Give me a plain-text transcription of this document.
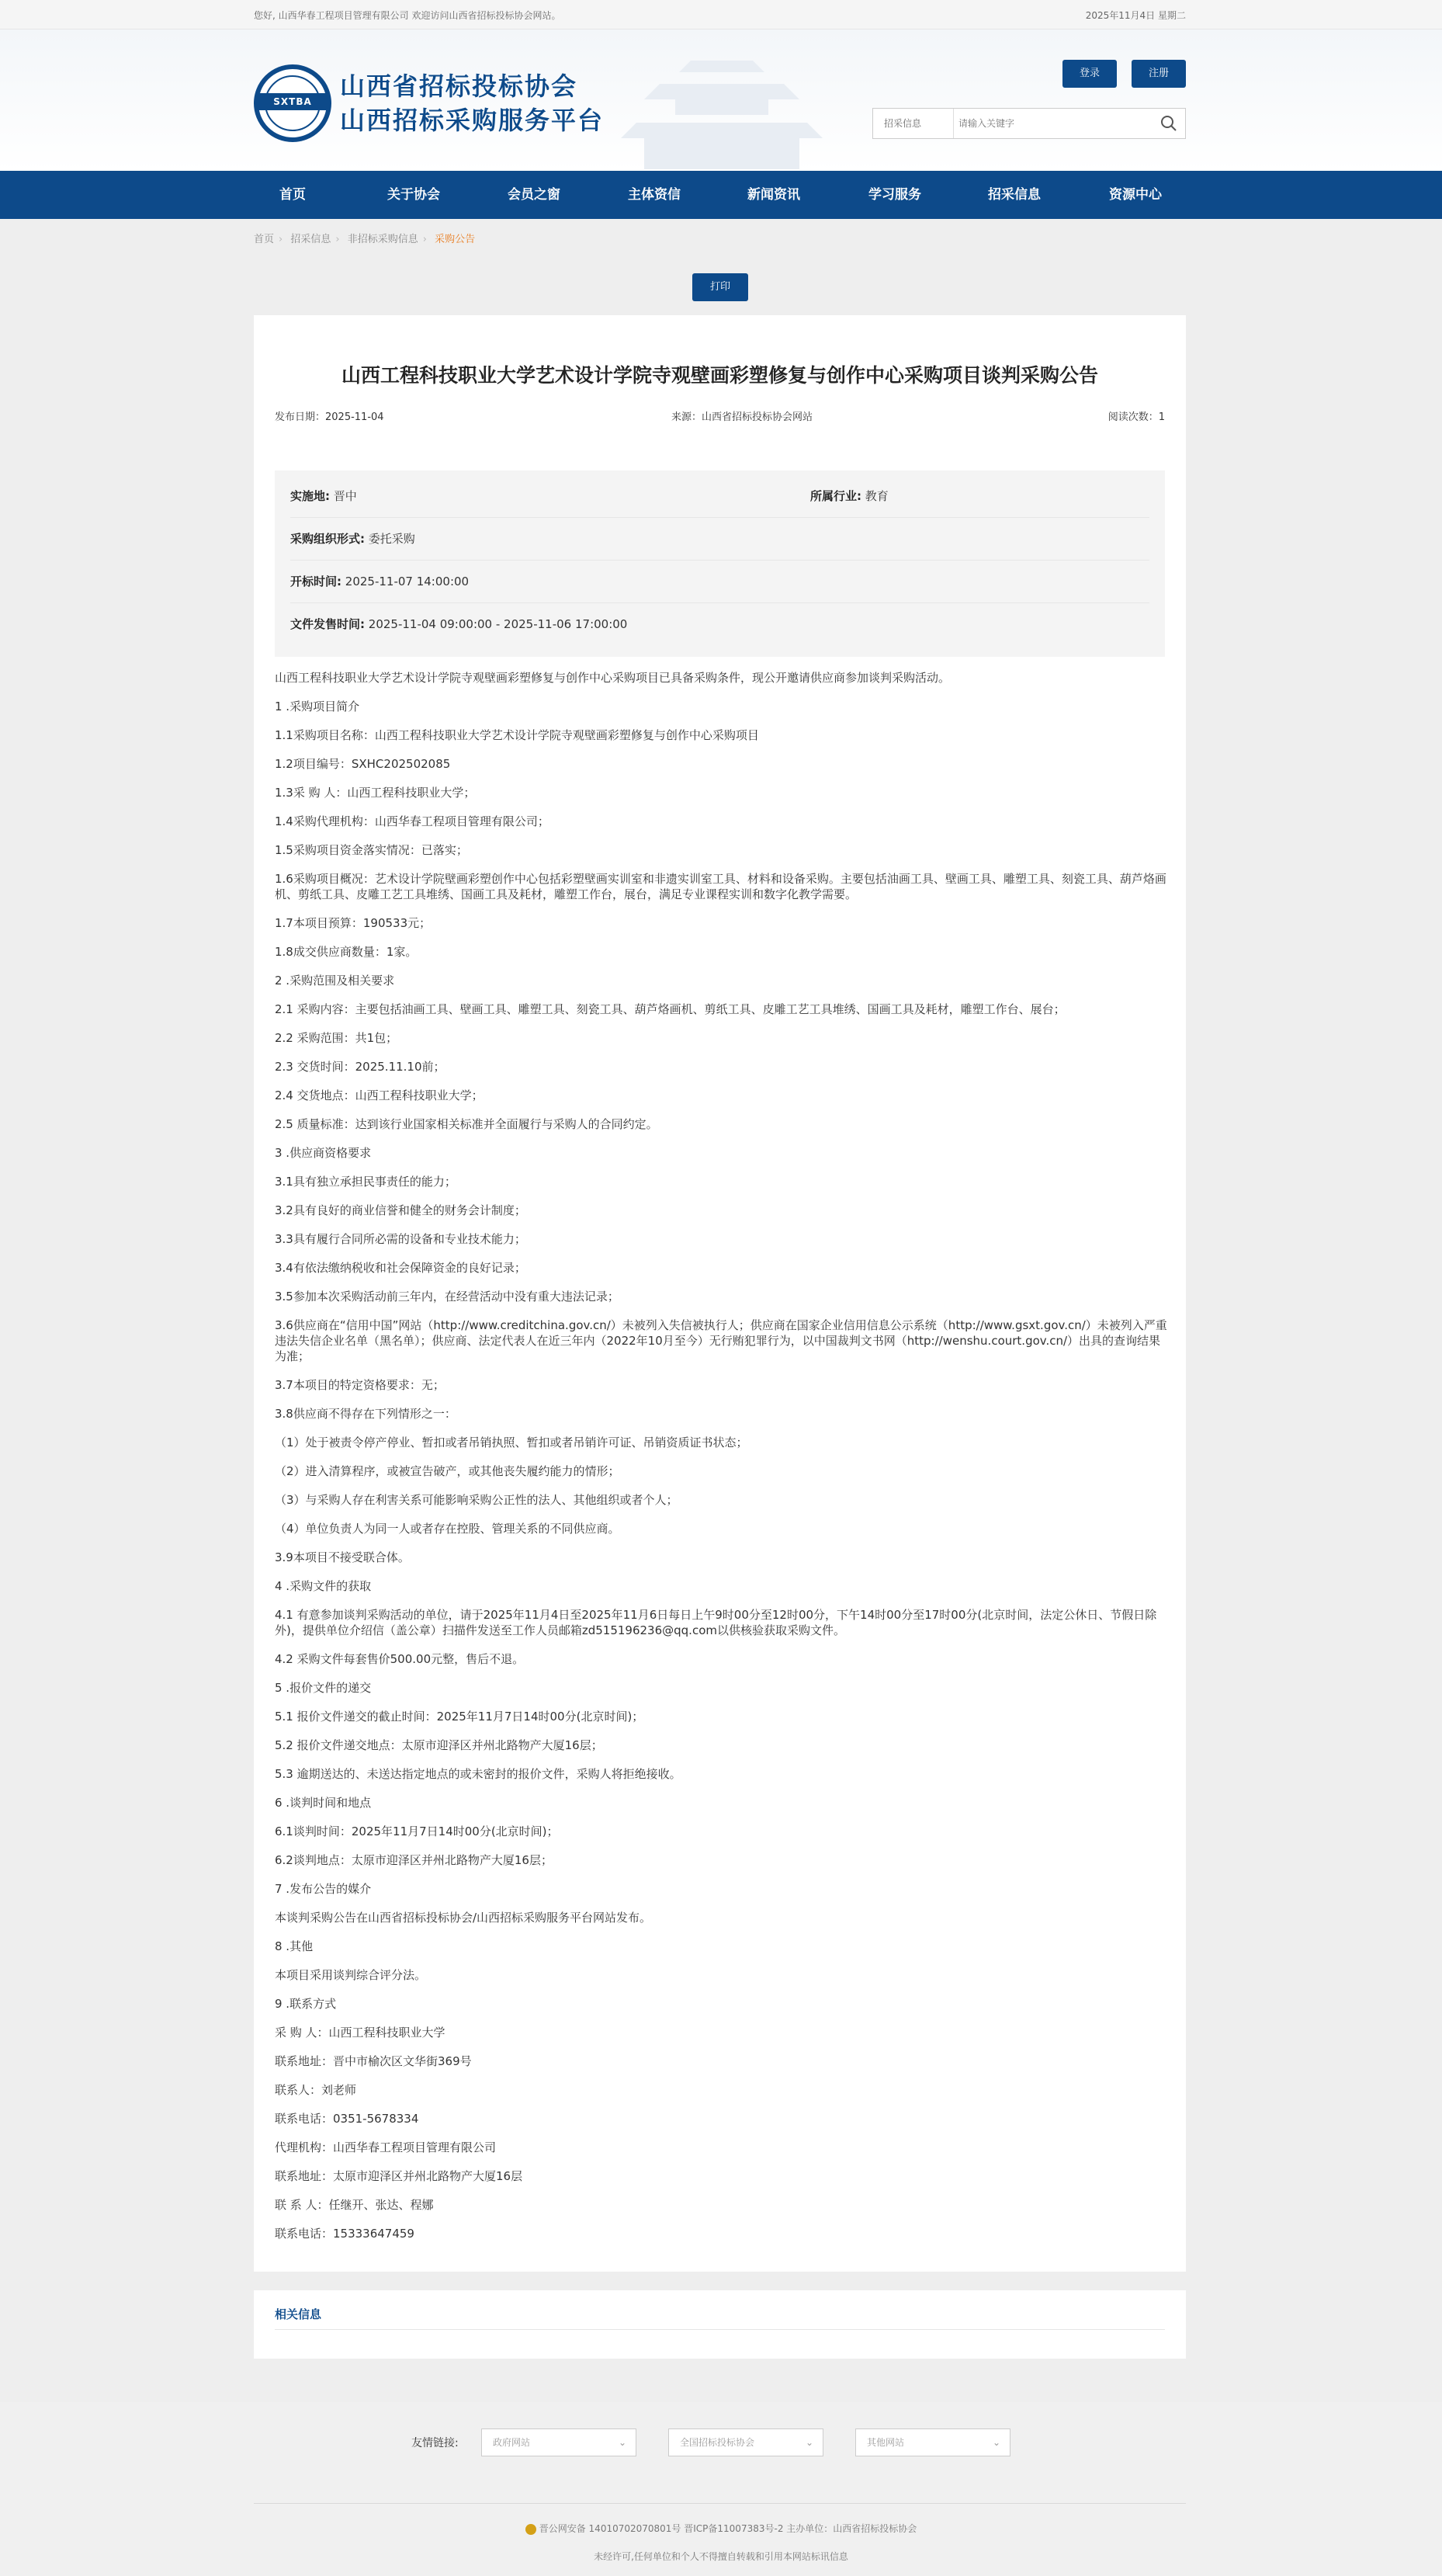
您好, 山西华春工程项目管理有限公司 欢迎访问山西省招标投标协会网站。	2025年11月4日 星期二
SXTBA
山西省招标投标协会
山西招标采购服务平台
登录	注册
招采信息
请输入关键字
首页	关于协会	会员之窗	主体资信	新闻资讯	学习服务	招采信息	资源中心
首页 › 招采信息 › 非招标采购信息 › 采购公告
打印
山西工程科技职业大学艺术设计学院寺观壁画彩塑修复与创作中心采购项目谈判采购公告
发布日期：2025-11-04	来源：山西省招标投标协会网站	阅读次数：1
实施地: 晋中	所属行业: 教育
采购组织形式: 委托采购
开标时间: 2025-11-07 14:00:00
文件发售时间: 2025-11-04 09:00:00 - 2025-11-06 17:00:00

山西工程科技职业大学艺术设计学院寺观壁画彩塑修复与创作中心采购项目已具备采购条件，现公开邀请供应商参加谈判采购活动。

1 .采购项目简介

1.1采购项目名称：山西工程科技职业大学艺术设计学院寺观壁画彩塑修复与创作中心采购项目

1.2项目编号：SXHC202502085

1.3采 购 人：山西工程科技职业大学；

1.4采购代理机构：山西华春工程项目管理有限公司；

1.5采购项目资金落实情况：已落实；

1.6采购项目概况：艺术设计学院壁画彩塑创作中心包括彩塑壁画实训室和非遗实训室工具、材料和设备采购。主要包括油画工具、壁画工具、雕塑工具、刻瓷工具、葫芦烙画机、剪纸工具、皮雕工艺工具堆绣、国画工具及耗材，雕塑工作台，展台，满足专业课程实训和数字化教学需要。

1.7本项目预算：190533元；

1.8成交供应商数量：1家。

2 .采购范围及相关要求

2.1 采购内容：主要包括油画工具、壁画工具、雕塑工具、刻瓷工具、葫芦烙画机、剪纸工具、皮雕工艺工具堆绣、国画工具及耗材，雕塑工作台、展台；

2.2 采购范围：共1包；

2.3 交货时间：2025.11.10前；

2.4 交货地点：山西工程科技职业大学；

2.5 质量标准：达到该行业国家相关标准并全面履行与采购人的合同约定。

3 .供应商资格要求

3.1具有独立承担民事责任的能力；

3.2具有良好的商业信誉和健全的财务会计制度；

3.3具有履行合同所必需的设备和专业技术能力；

3.4有依法缴纳税收和社会保障资金的良好记录；

3.5参加本次采购活动前三年内，在经营活动中没有重大违法记录；

3.6供应商在“信用中国”网站（http://www.creditchina.gov.cn/）未被列入失信被执行人；供应商在国家企业信用信息公示系统（http://www.gsxt.gov.cn/）未被列入严重违法失信企业名单（黑名单）；供应商、法定代表人在近三年内（2022年10月至今）无行贿犯罪行为，以中国裁判文书网（http://wenshu.court.gov.cn/）出具的查询结果为准；

3.7本项目的特定资格要求：无；

3.8供应商不得存在下列情形之一：

（1）处于被责令停产停业、暂扣或者吊销执照、暂扣或者吊销许可证、吊销资质证书状态；

（2）进入清算程序，或被宣告破产，或其他丧失履约能力的情形；

（3）与采购人存在利害关系可能影响采购公正性的法人、其他组织或者个人；

（4）单位负责人为同一人或者存在控股、管理关系的不同供应商。

3.9本项目不接受联合体。

4 .采购文件的获取

4.1 有意参加谈判采购活动的单位，请于2025年11月4日至2025年11月6日每日上午9时00分至12时00分，下午14时00分至17时00分(北京时间，法定公休日、节假日除外)，提供单位介绍信（盖公章）扫描件发送至工作人员邮箱zd515196236@qq.com以供核验获取采购文件。

4.2 采购文件每套售价500.00元整，售后不退。

5 .报价文件的递交

5.1 报价文件递交的截止时间：2025年11月7日14时00分(北京时间)；

5.2 报价文件递交地点：太原市迎泽区并州北路物产大厦16层；

5.3 逾期送达的、未送达指定地点的或未密封的报价文件，采购人将拒绝接收。

6 .谈判时间和地点

6.1谈判时间：2025年11月7日14时00分(北京时间)；

6.2谈判地点：太原市迎泽区并州北路物产大厦16层；

7 .发布公告的媒介

本谈判采购公告在山西省招标投标协会/山西招标采购服务平台网站发布。

8 .其他

本项目采用谈判综合评分法。

9 .联系方式

采 购 人：山西工程科技职业大学

联系地址：晋中市榆次区文华街369号

联系人：刘老师

联系电话：0351-5678334

代理机构：山西华春工程项目管理有限公司

联系地址：太原市迎泽区并州北路物产大厦16层

联 系 人：任继开、张达、程娜

联系电话：15333647459

相关信息
友情链接:	政府网站	⌄	全国招标投标协会	⌄	其他网站	⌄
晋公网安备 14010702070801号 晋ICP备11007383号-2 主办单位：山西省招标投标协会
未经许可,任何单位和个人不得擅自转载和引用本网站标讯信息
